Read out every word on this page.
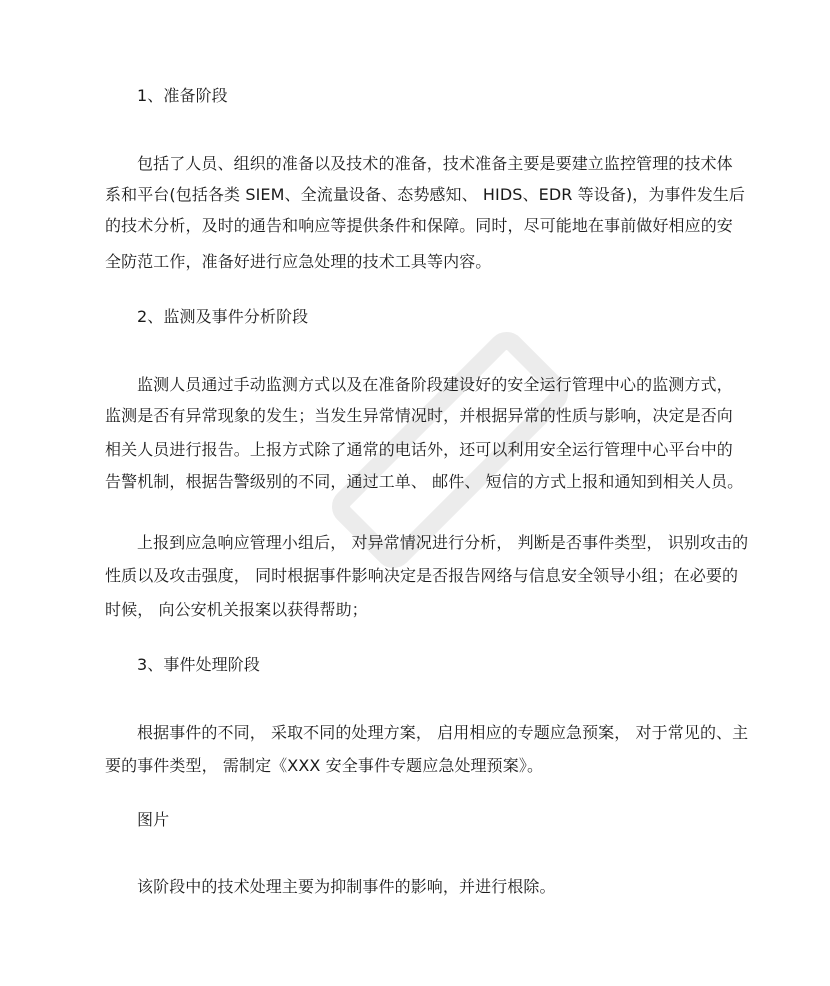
1、准备阶段
包括了人员、组织的准备以及技术的准备，技术准备主要是要建立监控管理的技术体
系和平台(包括各类 SIEM、全流量设备、态势感知、 HIDS、EDR 等设备)，为事件发生后
的技术分析，及时的通告和响应等提供条件和保障。同时，尽可能地在事前做好相应的安
全防范工作，准备好进行应急处理的技术工具等内容。
2、监测及事件分析阶段
监测人员通过手动监测方式以及在准备阶段建设好的安全运行管理中心的监测方式，
监测是否有异常现象的发生；当发生异常情况时，并根据异常的性质与影响，决定是否向
相关人员进行报告。上报方式除了通常的电话外，还可以利用安全运行管理中心平台中的
告警机制，根据告警级别的不同，通过工单、 邮件、 短信的方式上报和通知到相关人员。
上报到应急响应管理小组后， 对异常情况进行分析， 判断是否事件类型， 识别攻击的
性质以及攻击强度， 同时根据事件影响决定是否报告网络与信息安全领导小组；在必要的
时候， 向公安机关报案以获得帮助；
3、事件处理阶段
根据事件的不同， 采取不同的处理方案， 启用相应的专题应急预案， 对于常见的、主
要的事件类型， 需制定《XXX 安全事件专题应急处理预案》。
图片
该阶段中的技术处理主要为抑制事件的影响，并进行根除。
